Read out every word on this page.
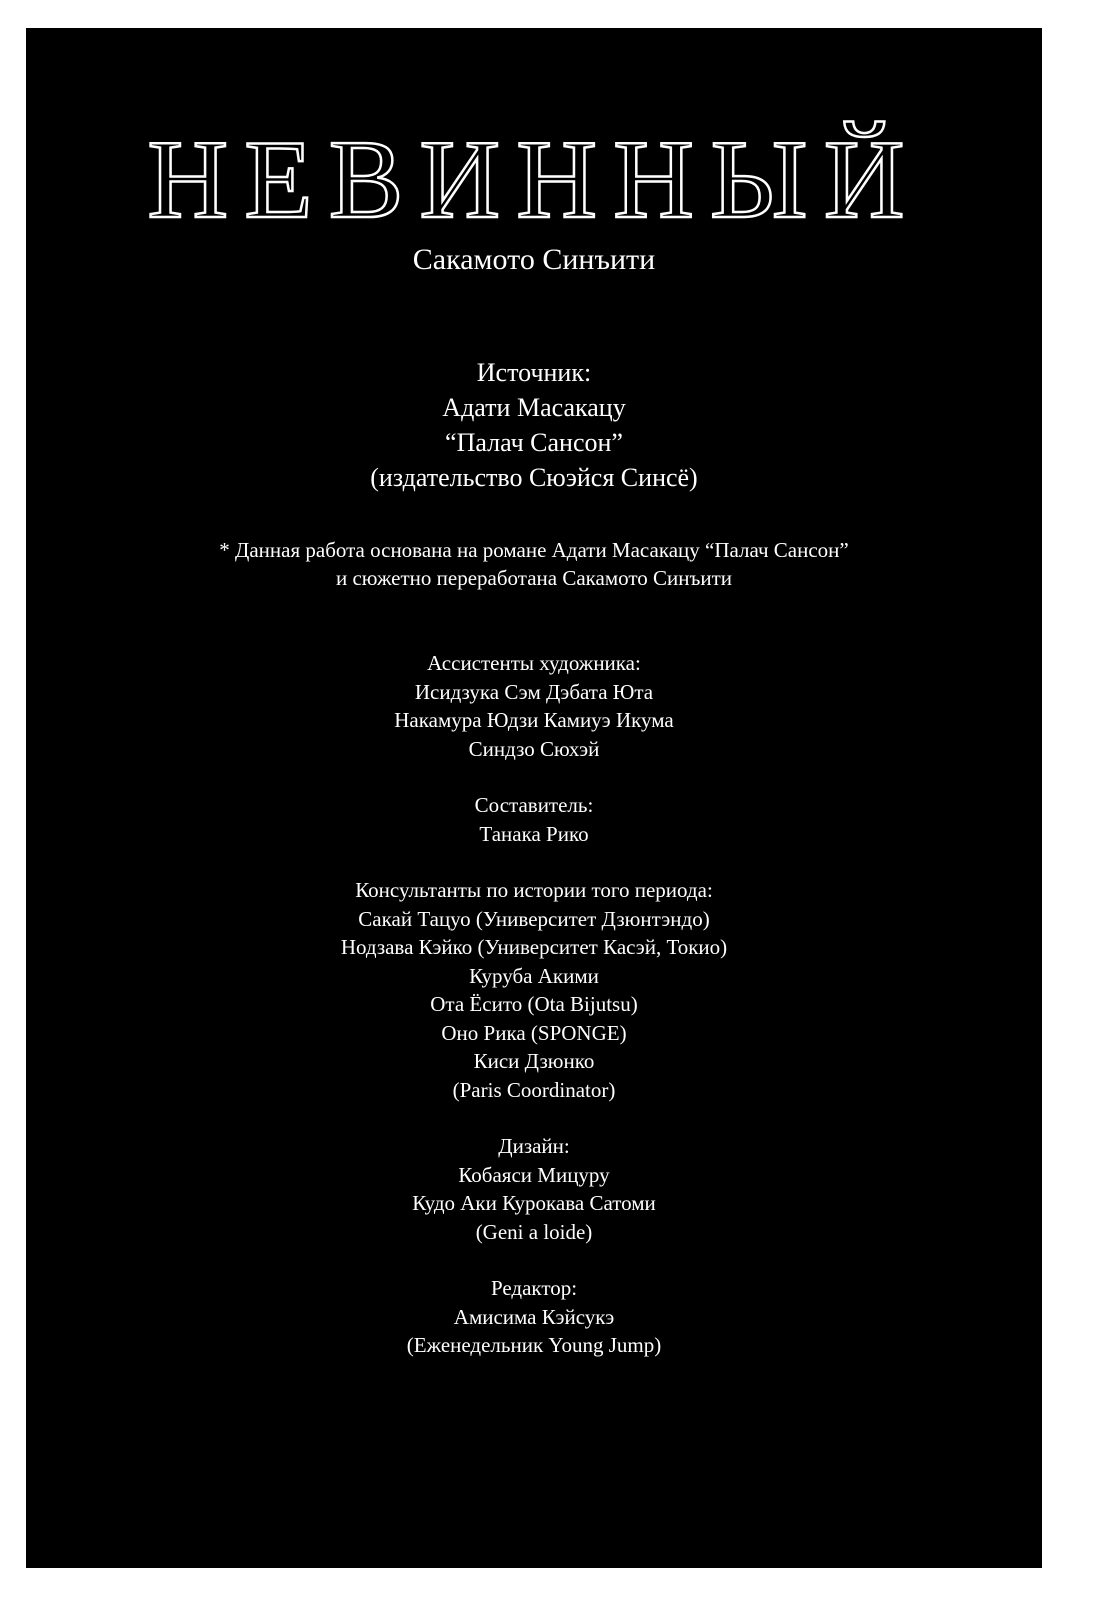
НЕВИННЫЙ
Сакамото Синъити
Источник:
Адати Масакацу
“Палач Сансон”
(издательство Сюэйся Синсё)
* Данная работа основана на романе Адати Масакацу “Палач Сансон”
и сюжетно переработана Сакамото Синъити
Ассистенты художника:
Исидзука Сэм Дэбата Юта
Накамура Юдзи Камиуэ Икума
Синдзо Сюхэй
Составитель:
Танака Рико
Консультанты по истории того периода:
Сакай Тацуо (Университет Дзюнтэндо)
Нодзава Кэйко (Университет Касэй, Токио)
Куруба Акими
Ота Ёсито (Ota Bijutsu)
Оно Рика (SPONGE)
Киси Дзюнко
(Paris Coordinator)
Дизайн:
Кобаяси Мицуру
Кудо Аки Курокава Сатоми
(Geni a loide)
Редактор:
Амисима Кэйсукэ
(Еженедельник Young Jump)
